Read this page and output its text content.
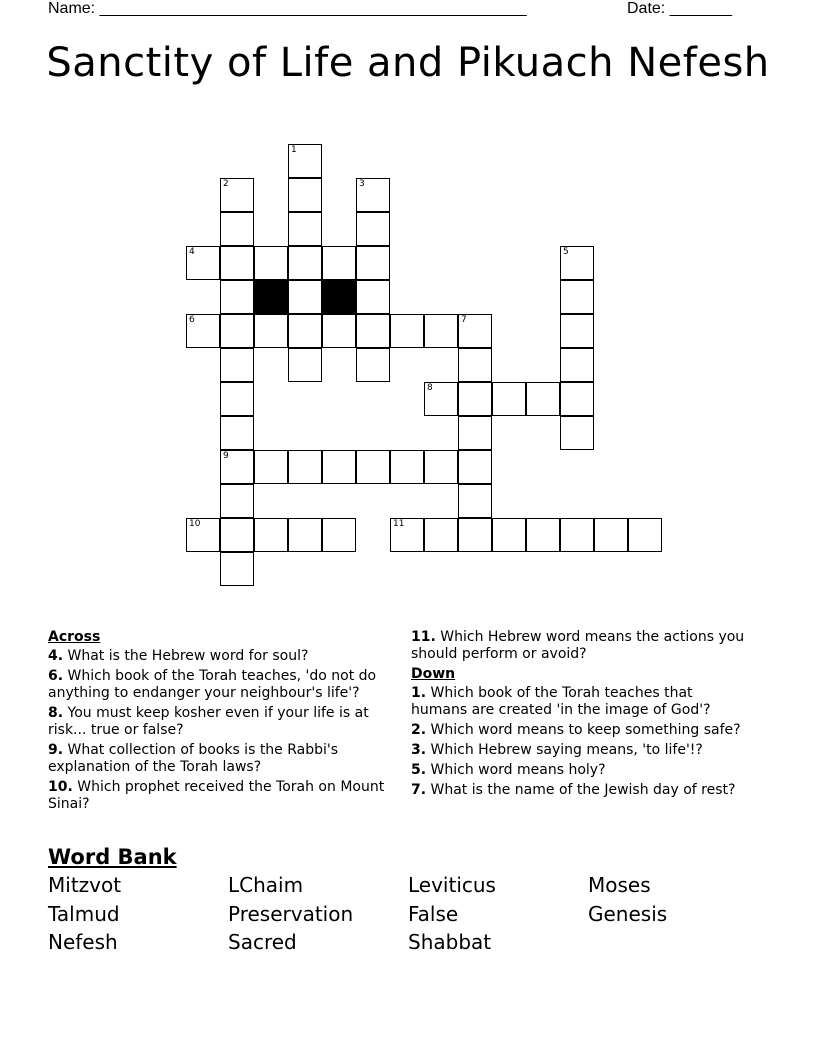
Name: ________________________________________________	Date: _______
Sanctity of Life and Pikuach Nefesh
1
2	3
4	5
6	7
8
9
10	11
Across
4. What is the Hebrew word for soul?
6. Which book of the Torah teaches, 'do not do anything to endanger your neighbour's life'?
8. You must keep kosher even if your life is at risk... true or false?
9. What collection of books is the Rabbi's explanation of the Torah laws?
10. Which prophet received the Torah on Mount Sinai?
11. Which Hebrew word means the actions you should perform or avoid?
Down
1. Which book of the Torah teaches that humans are created 'in the image of God'?
2. Which word means to keep something safe?
3. Which Hebrew saying means, 'to life'!?
5. Which word means holy?
7. What is the name of the Jewish day of rest?
Word Bank
Mitzvot	LChaim	Leviticus	Moses
Talmud	Preservation	False	Genesis
Nefesh	Sacred	Shabbat
